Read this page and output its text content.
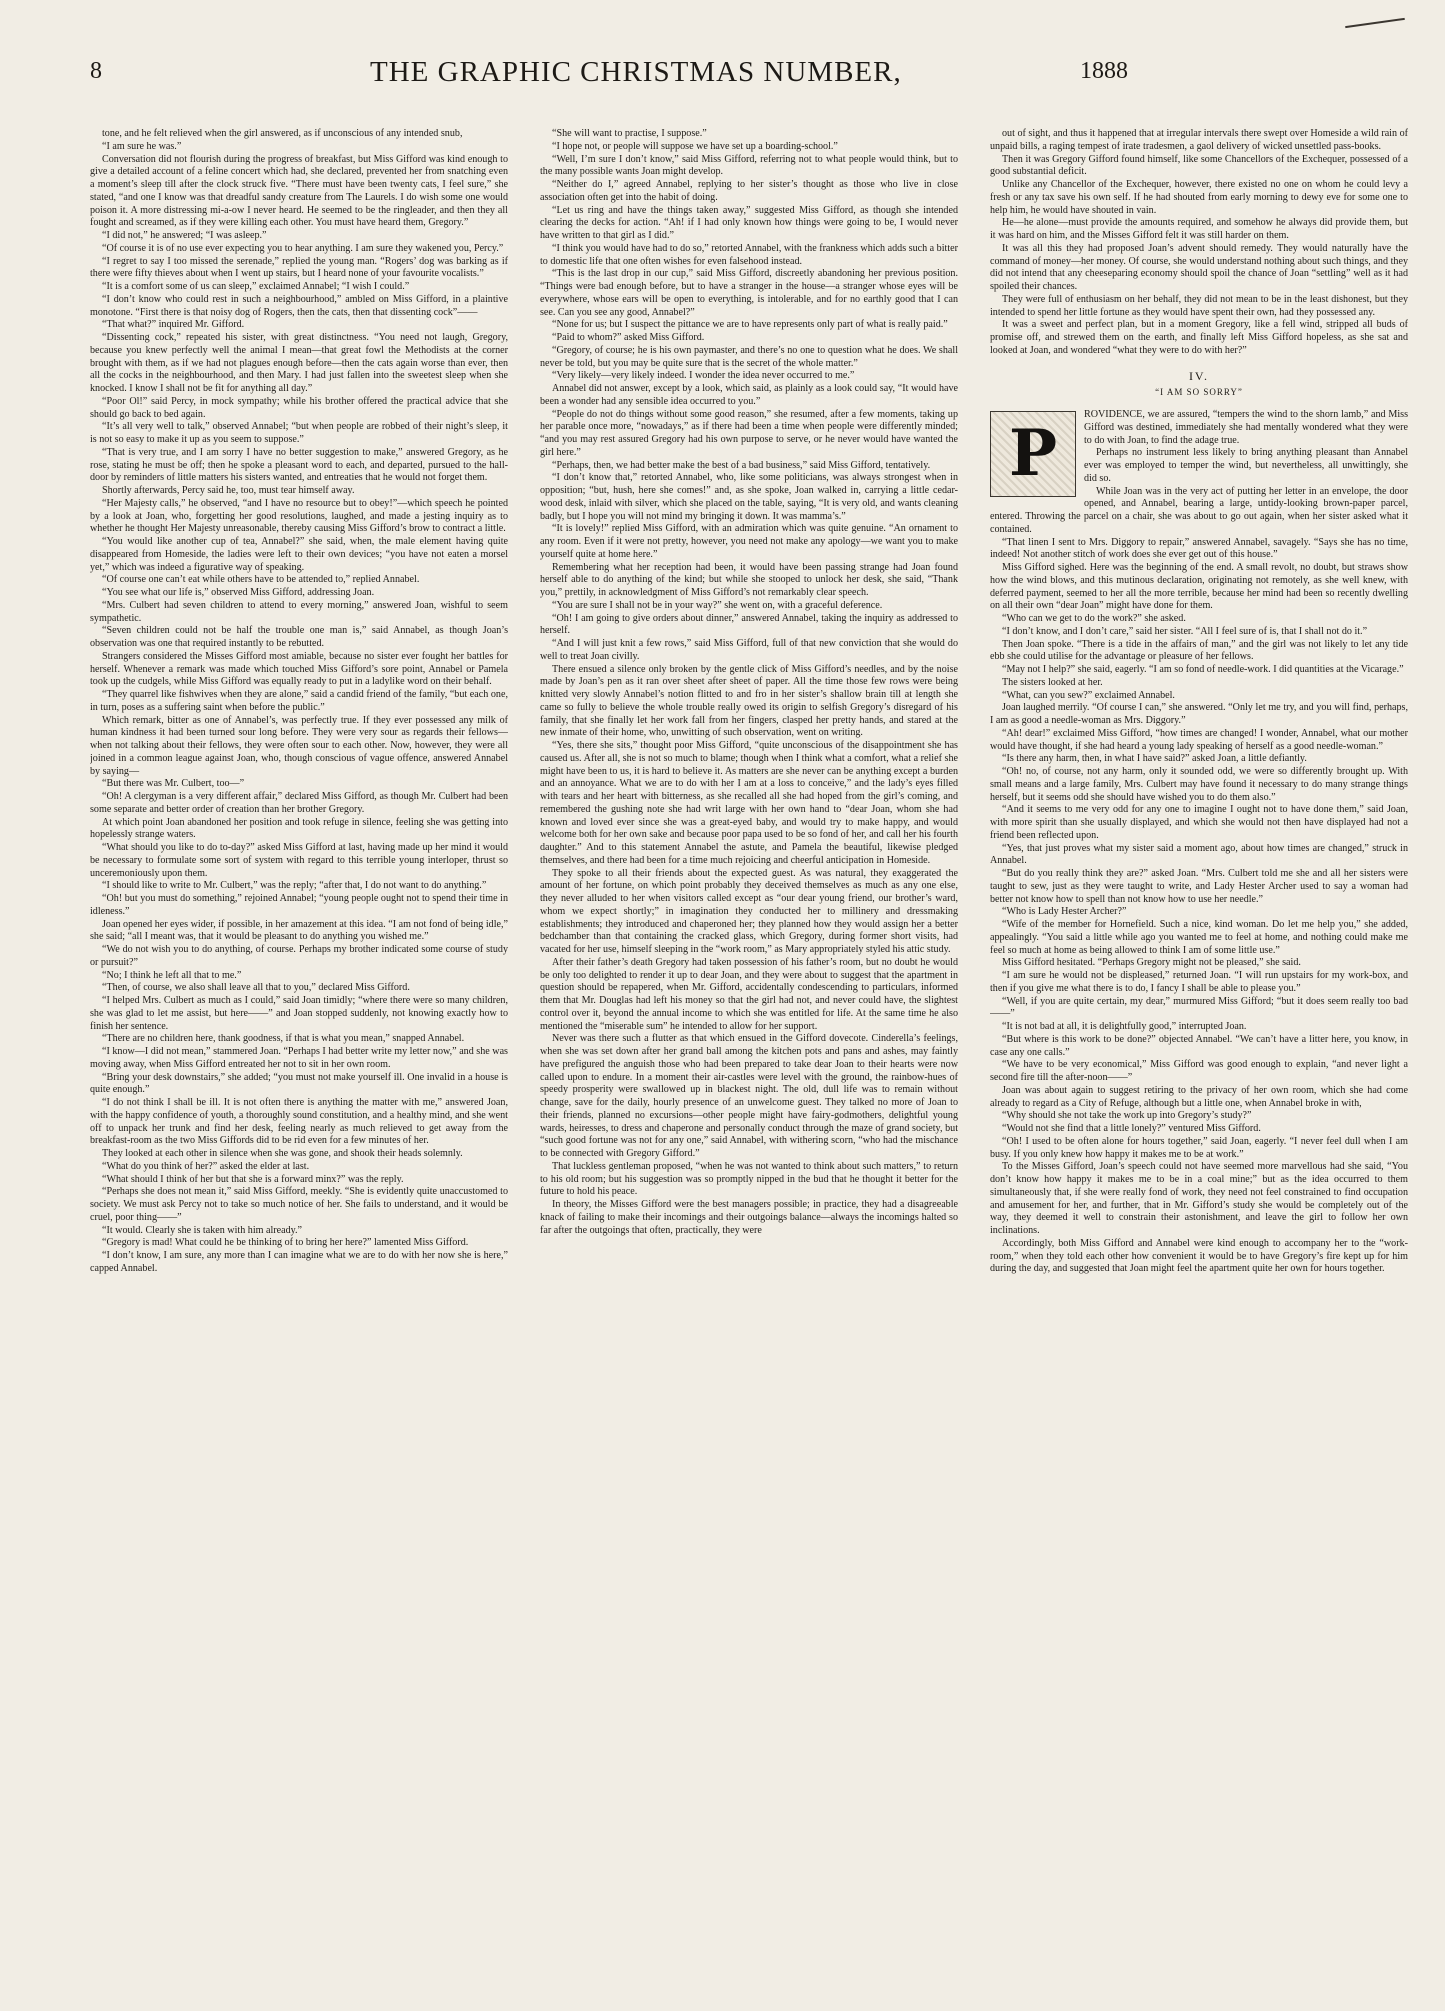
8	THE GRAPHIC CHRISTMAS NUMBER,	1888

tone, and he felt relieved when the girl answered, as if unconscious of any intended snub,

“I am sure he was.”

Conversation did not flourish during the progress of breakfast, but Miss Gifford was kind enough to give a detailed account of a feline concert which had, she declared, prevented her from snatching even a moment’s sleep till after the clock struck five. “There must have been twenty cats, I feel sure,” she stated, “and one I know was that dreadful sandy creature from The Laurels. I do wish some one would poison it. A more distressing mi-a-ow I never heard. He seemed to be the ringleader, and then they all fought and screamed, as if they were killing each other. You must have heard them, Gregory.”

“I did not,” he answered; “I was asleep.”

“Of course it is of no use ever expecting you to hear anything. I am sure they wakened you, Percy.”

“I regret to say I too missed the serenade,” replied the young man. “Rogers’ dog was barking as if there were fifty thieves about when I went up stairs, but I heard none of your favourite vocalists.”

“It is a comfort some of us can sleep,” exclaimed Annabel; “I wish I could.”

“I don’t know who could rest in such a neighbourhood,” ambled on Miss Gifford, in a plaintive monotone. “First there is that noisy dog of Rogers, then the cats, then that dissenting cock”——

“That what?” inquired Mr. Gifford.

“Dissenting cock,” repeated his sister, with great distinctness. “You need not laugh, Gregory, because you knew perfectly well the animal I mean—that great fowl the Methodists at the corner brought with them, as if we had not plagues enough before—then the cats again worse than ever, then all the cocks in the neighbourhood, and then Mary. I had just fallen into the sweetest sleep when she knocked. I know I shall not be fit for anything all day.”

“Poor Ol!” said Percy, in mock sympathy; while his brother offered the practical advice that she should go back to bed again.

“It’s all very well to talk,” observed Annabel; “but when people are robbed of their night’s sleep, it is not so easy to make it up as you seem to suppose.”

“That is very true, and I am sorry I have no better suggestion to make,” answered Gregory, as he rose, stating he must be off; then he spoke a pleasant word to each, and departed, pursued to the hall-door by reminders of little matters his sisters wanted, and entreaties that he would not forget them.

Shortly afterwards, Percy said he, too, must tear himself away.

“Her Majesty calls,” he observed, “and I have no resource but to obey!”—which speech he pointed by a look at Joan, who, forgetting her good resolutions, laughed, and made a jesting inquiry as to whether he thought Her Majesty unreasonable, thereby causing Miss Gifford’s brow to contract a little.

“You would like another cup of tea, Annabel?” she said, when, the male element having quite disappeared from Homeside, the ladies were left to their own devices; “you have not eaten a morsel yet,” which was indeed a figurative way of speaking.

“Of course one can’t eat while others have to be attended to,” replied Annabel.

“You see what our life is,” observed Miss Gifford, addressing Joan.

“Mrs. Culbert had seven children to attend to every morning,” answered Joan, wishful to seem sympathetic.

“Seven children could not be half the trouble one man is,” said Annabel, as though Joan’s observation was one that required instantly to be rebutted.

Strangers considered the Misses Gifford most amiable, because no sister ever fought her battles for herself. Whenever a remark was made which touched Miss Gifford’s sore point, Annabel or Pamela took up the cudgels, while Miss Gifford was equally ready to put in a ladylike word on their behalf.

“They quarrel like fishwives when they are alone,” said a candid friend of the family, “but each one, in turn, poses as a suffering saint when before the public.”

Which remark, bitter as one of Annabel’s, was perfectly true. If they ever possessed any milk of human kindness it had been turned sour long before. They were very sour as regards their fellows—when not talking about their fellows, they were often sour to each other. Now, however, they were all joined in a common league against Joan, who, though conscious of vague offence, answered Annabel by saying—

“But there was Mr. Culbert, too—”

“Oh! A clergyman is a very different affair,” declared Miss Gifford, as though Mr. Culbert had been some separate and better order of creation than her brother Gregory.

At which point Joan abandoned her position and took refuge in silence, feeling she was getting into hopelessly strange waters.

“What should you like to do to-day?” asked Miss Gifford at last, having made up her mind it would be necessary to formulate some sort of system with regard to this terrible young interloper, thrust so unceremoniously upon them.

“I should like to write to Mr. Culbert,” was the reply; “after that, I do not want to do anything.”

“Oh! but you must do something,” rejoined Annabel; “young people ought not to spend their time in idleness.”

Joan opened her eyes wider, if possible, in her amazement at this idea. “I am not fond of being idle,” she said; “all I meant was, that it would be pleasant to do anything you wished me.”

“We do not wish you to do anything, of course. Perhaps my brother indicated some course of study or pursuit?”

“No; I think he left all that to me.”

“Then, of course, we also shall leave all that to you,” declared Miss Gifford.

“I helped Mrs. Culbert as much as I could,” said Joan timidly; “where there were so many children, she was glad to let me assist, but here——” and Joan stopped suddenly, not knowing exactly how to finish her sentence.

“There are no children here, thank goodness, if that is what you mean,” snapped Annabel.

“I know—I did not mean,” stammered Joan. “Perhaps I had better write my letter now,” and she was moving away, when Miss Gifford entreated her not to sit in her own room.

“Bring your desk downstairs,” she added; “you must not make yourself ill. One invalid in a house is quite enough.”

“I do not think I shall be ill. It is not often there is anything the matter with me,” answered Joan, with the happy confidence of youth, a thoroughly sound constitution, and a healthy mind, and she went off to unpack her trunk and find her desk, feeling nearly as much relieved to get away from the breakfast-room as the two Miss Giffords did to be rid even for a few minutes of her.

They looked at each other in silence when she was gone, and shook their heads solemnly.

“What do you think of her?” asked the elder at last.

“What should I think of her but that she is a forward minx?” was the reply.

“Perhaps she does not mean it,” said Miss Gifford, meekly. “She is evidently quite unaccustomed to society. We must ask Percy not to take so much notice of her. She fails to understand, and it would be cruel, poor thing——”

“It would. Clearly she is taken with him already.”

“Gregory is mad! What could he be thinking of to bring her here?” lamented Miss Gifford.

“I don’t know, I am sure, any more than I can imagine what we are to do with her now she is here,” capped Annabel.

“She will want to practise, I suppose.”

“I hope not, or people will suppose we have set up a boarding-school.”

“Well, I’m sure I don’t know,” said Miss Gifford, referring not to what people would think, but to the many possible wants Joan might develop.

“Neither do I,” agreed Annabel, replying to her sister’s thought as those who live in close association often get into the habit of doing.

“Let us ring and have the things taken away,” suggested Miss Gifford, as though she intended clearing the decks for action. “Ah! if I had only known how things were going to be, I would never have written to that girl as I did.”

“I think you would have had to do so,” retorted Annabel, with the frankness which adds such a bitter to domestic life that one often wishes for even falsehood instead.

“This is the last drop in our cup,” said Miss Gifford, discreetly abandoning her previous position. “Things were bad enough before, but to have a stranger in the house—a stranger whose eyes will be everywhere, whose ears will be open to everything, is intolerable, and for no earthly good that I can see. Can you see any good, Annabel?”

“None for us; but I suspect the pittance we are to have represents only part of what is really paid.”

“Paid to whom?” asked Miss Gifford.

“Gregory, of course; he is his own paymaster, and there’s no one to question what he does. We shall never be told, but you may be quite sure that is the secret of the whole matter.”

“Very likely—very likely indeed. I wonder the idea never occurred to me.”

Annabel did not answer, except by a look, which said, as plainly as a look could say, “It would have been a wonder had any sensible idea occurred to you.”

“People do not do things without some good reason,” she resumed, after a few moments, taking up her parable once more, “nowadays,” as if there had been a time when people were differently minded; “and you may rest assured Gregory had his own purpose to serve, or he never would have wanted the girl here.”

“Perhaps, then, we had better make the best of a bad business,” said Miss Gifford, tentatively.

“I don’t know that,” retorted Annabel, who, like some politicians, was always strongest when in opposition; “but, hush, here she comes!” and, as she spoke, Joan walked in, carrying a little cedar-wood desk, inlaid with silver, which she placed on the table, saying, “It is very old, and wants cleaning badly, but I hope you will not mind my bringing it down. It was mamma’s.”

“It is lovely!” replied Miss Gifford, with an admiration which was quite genuine. “An ornament to any room. Even if it were not pretty, however, you need not make any apology—we want you to make yourself quite at home here.”

Remembering what her reception had been, it would have been passing strange had Joan found herself able to do anything of the kind; but while she stooped to unlock her desk, she said, “Thank you,” prettily, in acknowledgment of Miss Gifford’s not remarkably clear speech.

“You are sure I shall not be in your way?” she went on, with a graceful deference.

“Oh! I am going to give orders about dinner,” answered Annabel, taking the inquiry as addressed to herself.

“And I will just knit a few rows,” said Miss Gifford, full of that new conviction that she would do well to treat Joan civilly.

There ensued a silence only broken by the gentle click of Miss Gifford’s needles, and by the noise made by Joan’s pen as it ran over sheet after sheet of paper. All the time those few rows were being knitted very slowly Annabel’s notion flitted to and fro in her sister’s shallow brain till at length she came so fully to believe the whole trouble really owed its origin to selfish Gregory’s disregard of his family, that she finally let her work fall from her fingers, clasped her pretty hands, and stared at the new inmate of their home, who, unwitting of such observation, went on writing.

“Yes, there she sits,” thought poor Miss Gifford, “quite unconscious of the disappointment she has caused us. After all, she is not so much to blame; though when I think what a comfort, what a relief she might have been to us, it is hard to believe it. As matters are she never can be anything except a burden and an annoyance. What we are to do with her I am at a loss to conceive,” and the lady’s eyes filled with tears and her heart with bitterness, as she recalled all she had hoped from the girl’s coming, and remembered the gushing note she had writ large with her own hand to “dear Joan, whom she had known and loved ever since she was a great-eyed baby, and would try to make happy, and would welcome both for her own sake and because poor papa used to be so fond of her, and call her his fourth daughter.” And to this statement Annabel the astute, and Pamela the beautiful, likewise pledged themselves, and there had been for a time much rejoicing and cheerful anticipation in Homeside.

They spoke to all their friends about the expected guest. As was natural, they exaggerated the amount of her fortune, on which point probably they deceived themselves as much as any one else, they never alluded to her when visitors called except as “our dear young friend, our brother’s ward, whom we expect shortly;” in imagination they conducted her to millinery and dressmaking establishments; they introduced and chaperoned her; they planned how they would assign her a better bedchamber than that containing the cracked glass, which Gregory, during former short visits, had vacated for her use, himself sleeping in the “work room,” as Mary appropriately styled his attic study.

After their father’s death Gregory had taken possession of his father’s room, but no doubt he would be only too delighted to render it up to dear Joan, and they were about to suggest that the apartment in question should be repapered, when Mr. Gifford, accidentally condescending to particulars, informed them that Mr. Douglas had left his money so that the girl had not, and never could have, the slightest control over it, beyond the annual income to which she was entitled for life. At the same time he also mentioned the “miserable sum” he intended to allow for her support.

Never was there such a flutter as that which ensued in the Gifford dovecote. Cinderella’s feelings, when she was set down after her grand ball among the kitchen pots and pans and ashes, may faintly have prefigured the anguish those who had been prepared to take dear Joan to their hearts were now called upon to endure. In a moment their air-castles were level with the ground, the rainbow-hues of speedy prosperity were swallowed up in blackest night. The old, dull life was to remain without change, save for the daily, hourly presence of an unwelcome guest. They talked no more of Joan to their friends, planned no excursions—other people might have fairy-godmothers, delightful young wards, heiresses, to dress and chaperone and personally conduct through the maze of grand society, but “such good fortune was not for any one,” said Annabel, with withering scorn, “who had the mischance to be connected with Gregory Gifford.”

That luckless gentleman proposed, “when he was not wanted to think about such matters,” to return to his old room; but his suggestion was so promptly nipped in the bud that he thought it better for the future to hold his peace.

In theory, the Misses Gifford were the best managers possible; in practice, they had a disagreeable knack of failing to make their incomings and their outgoings balance—always the incomings halted so far after the outgoings that often, practically, they were

out of sight, and thus it happened that at irregular intervals there swept over Homeside a wild rain of unpaid bills, a raging tempest of irate tradesmen, a gaol delivery of wicked unsettled pass-books.

Then it was Gregory Gifford found himself, like some Chancellors of the Exchequer, possessed of a good substantial deficit.

Unlike any Chancellor of the Exchequer, however, there existed no one on whom he could levy a fresh or any tax save his own self. If he had shouted from early morning to dewy eve for some one to help him, he would have shouted in vain.

He—he alone—must provide the amounts required, and somehow he always did provide them, but it was hard on him, and the Misses Gifford felt it was still harder on them.

It was all this they had proposed Joan’s advent should remedy. They would naturally have the command of money—her money. Of course, she would understand nothing about such things, and they did not intend that any cheeseparing economy should spoil the chance of Joan “settling” well as it had spoiled their chances.

They were full of enthusiasm on her behalf, they did not mean to be in the least dishonest, but they intended to spend her little fortune as they would have spent their own, had they possessed any.

It was a sweet and perfect plan, but in a moment Gregory, like a fell wind, stripped all buds of promise off, and strewed them on the earth, and finally left Miss Gifford hopeless, as she sat and looked at Joan, and wondered “what they were to do with her?”

IV.
“I AM SO SORRY”
P

ROVIDENCE, we are assured, “tempers the wind to the shorn lamb,” and Miss Gifford was destined, immediately she had mentally wondered what they were to do with Joan, to find the adage true.

Perhaps no instrument less likely to bring anything pleasant than Annabel ever was employed to temper the wind, but nevertheless, all unwittingly, she did so.

While Joan was in the very act of putting her letter in an envelope, the door opened, and Annabel, bearing a large, untidy-looking brown-paper parcel, entered. Throwing the parcel on a chair, she was about to go out again, when her sister asked what it contained.

“That linen I sent to Mrs. Diggory to repair,” answered Annabel, savagely. “Says she has no time, indeed! Not another stitch of work does she ever get out of this house.”

Miss Gifford sighed. Here was the beginning of the end. A small revolt, no doubt, but straws show how the wind blows, and this mutinous declaration, originating not remotely, as she well knew, with deferred payment, seemed to her all the more terrible, because her mind had been so recently dwelling on all their own “dear Joan” might have done for them.

“Who can we get to do the work?” she asked.

“I don’t know, and I don’t care,” said her sister. “All I feel sure of is, that I shall not do it.”

Then Joan spoke. “There is a tide in the affairs of man,” and the girl was not likely to let any tide ebb she could utilise for the advantage or pleasure of her fellows.

“May not I help?” she said, eagerly. “I am so fond of needle-work. I did quantities at the Vicarage.”

The sisters looked at her.

“What, can you sew?” exclaimed Annabel.

Joan laughed merrily. “Of course I can,” she answered. “Only let me try, and you will find, perhaps, I am as good a needle-woman as Mrs. Diggory.”

“Ah! dear!” exclaimed Miss Gifford, “how times are changed! I wonder, Annabel, what our mother would have thought, if she had heard a young lady speaking of herself as a good needle-woman.”

“Is there any harm, then, in what I have said?” asked Joan, a little defiantly.

“Oh! no, of course, not any harm, only it sounded odd, we were so differently brought up. With small means and a large family, Mrs. Culbert may have found it necessary to do many strange things herself, but it seems odd she should have wished you to do them also.”

“And it seems to me very odd for any one to imagine I ought not to have done them,” said Joan, with more spirit than she usually displayed, and which she would not then have displayed had not a friend been reflected upon.

“Yes, that just proves what my sister said a moment ago, about how times are changed,” struck in Annabel.

“But do you really think they are?” asked Joan. “Mrs. Culbert told me she and all her sisters were taught to sew, just as they were taught to write, and Lady Hester Archer used to say a woman had better not know how to spell than not know how to use her needle.”

“Who is Lady Hester Archer?”

“Wife of the member for Hornefield. Such a nice, kind woman. Do let me help you,” she added, appealingly. “You said a little while ago you wanted me to feel at home, and nothing could make me feel so much at home as being allowed to think I am of some little use.”

Miss Gifford hesitated. “Perhaps Gregory might not be pleased,” she said.

“I am sure he would not be displeased,” returned Joan. “I will run upstairs for my work-box, and then if you give me what there is to do, I fancy I shall be able to please you.”

“Well, if you are quite certain, my dear,” murmured Miss Gifford; “but it does seem really too bad——”

“It is not bad at all, it is delightfully good,” interrupted Joan.

“But where is this work to be done?” objected Annabel. “We can’t have a litter here, you know, in case any one calls.”

“We have to be very economical,” Miss Gifford was good enough to explain, “and never light a second fire till the after-noon——”

Joan was about again to suggest retiring to the privacy of her own room, which she had come already to regard as a City of Refuge, although but a little one, when Annabel broke in with,

“Why should she not take the work up into Gregory’s study?”

“Would not she find that a little lonely?” ventured Miss Gifford.

“Oh! I used to be often alone for hours together,” said Joan, eagerly. “I never feel dull when I am busy. If you only knew how happy it makes me to be at work.”

To the Misses Gifford, Joan’s speech could not have seemed more marvellous had she said, “You don’t know how happy it makes me to be in a coal mine;” but as the idea occurred to them simultaneously that, if she were really fond of work, they need not feel constrained to find occupation and amusement for her, and further, that in Mr. Gifford’s study she would be completely out of the way, they deemed it well to constrain their astonishment, and leave the girl to follow her own inclinations.

Accordingly, both Miss Gifford and Annabel were kind enough to accompany her to the “work-room,” when they told each other how convenient it would be to have Gregory’s fire kept up for him during the day, and suggested that Joan might feel the apartment quite her own for hours together.
